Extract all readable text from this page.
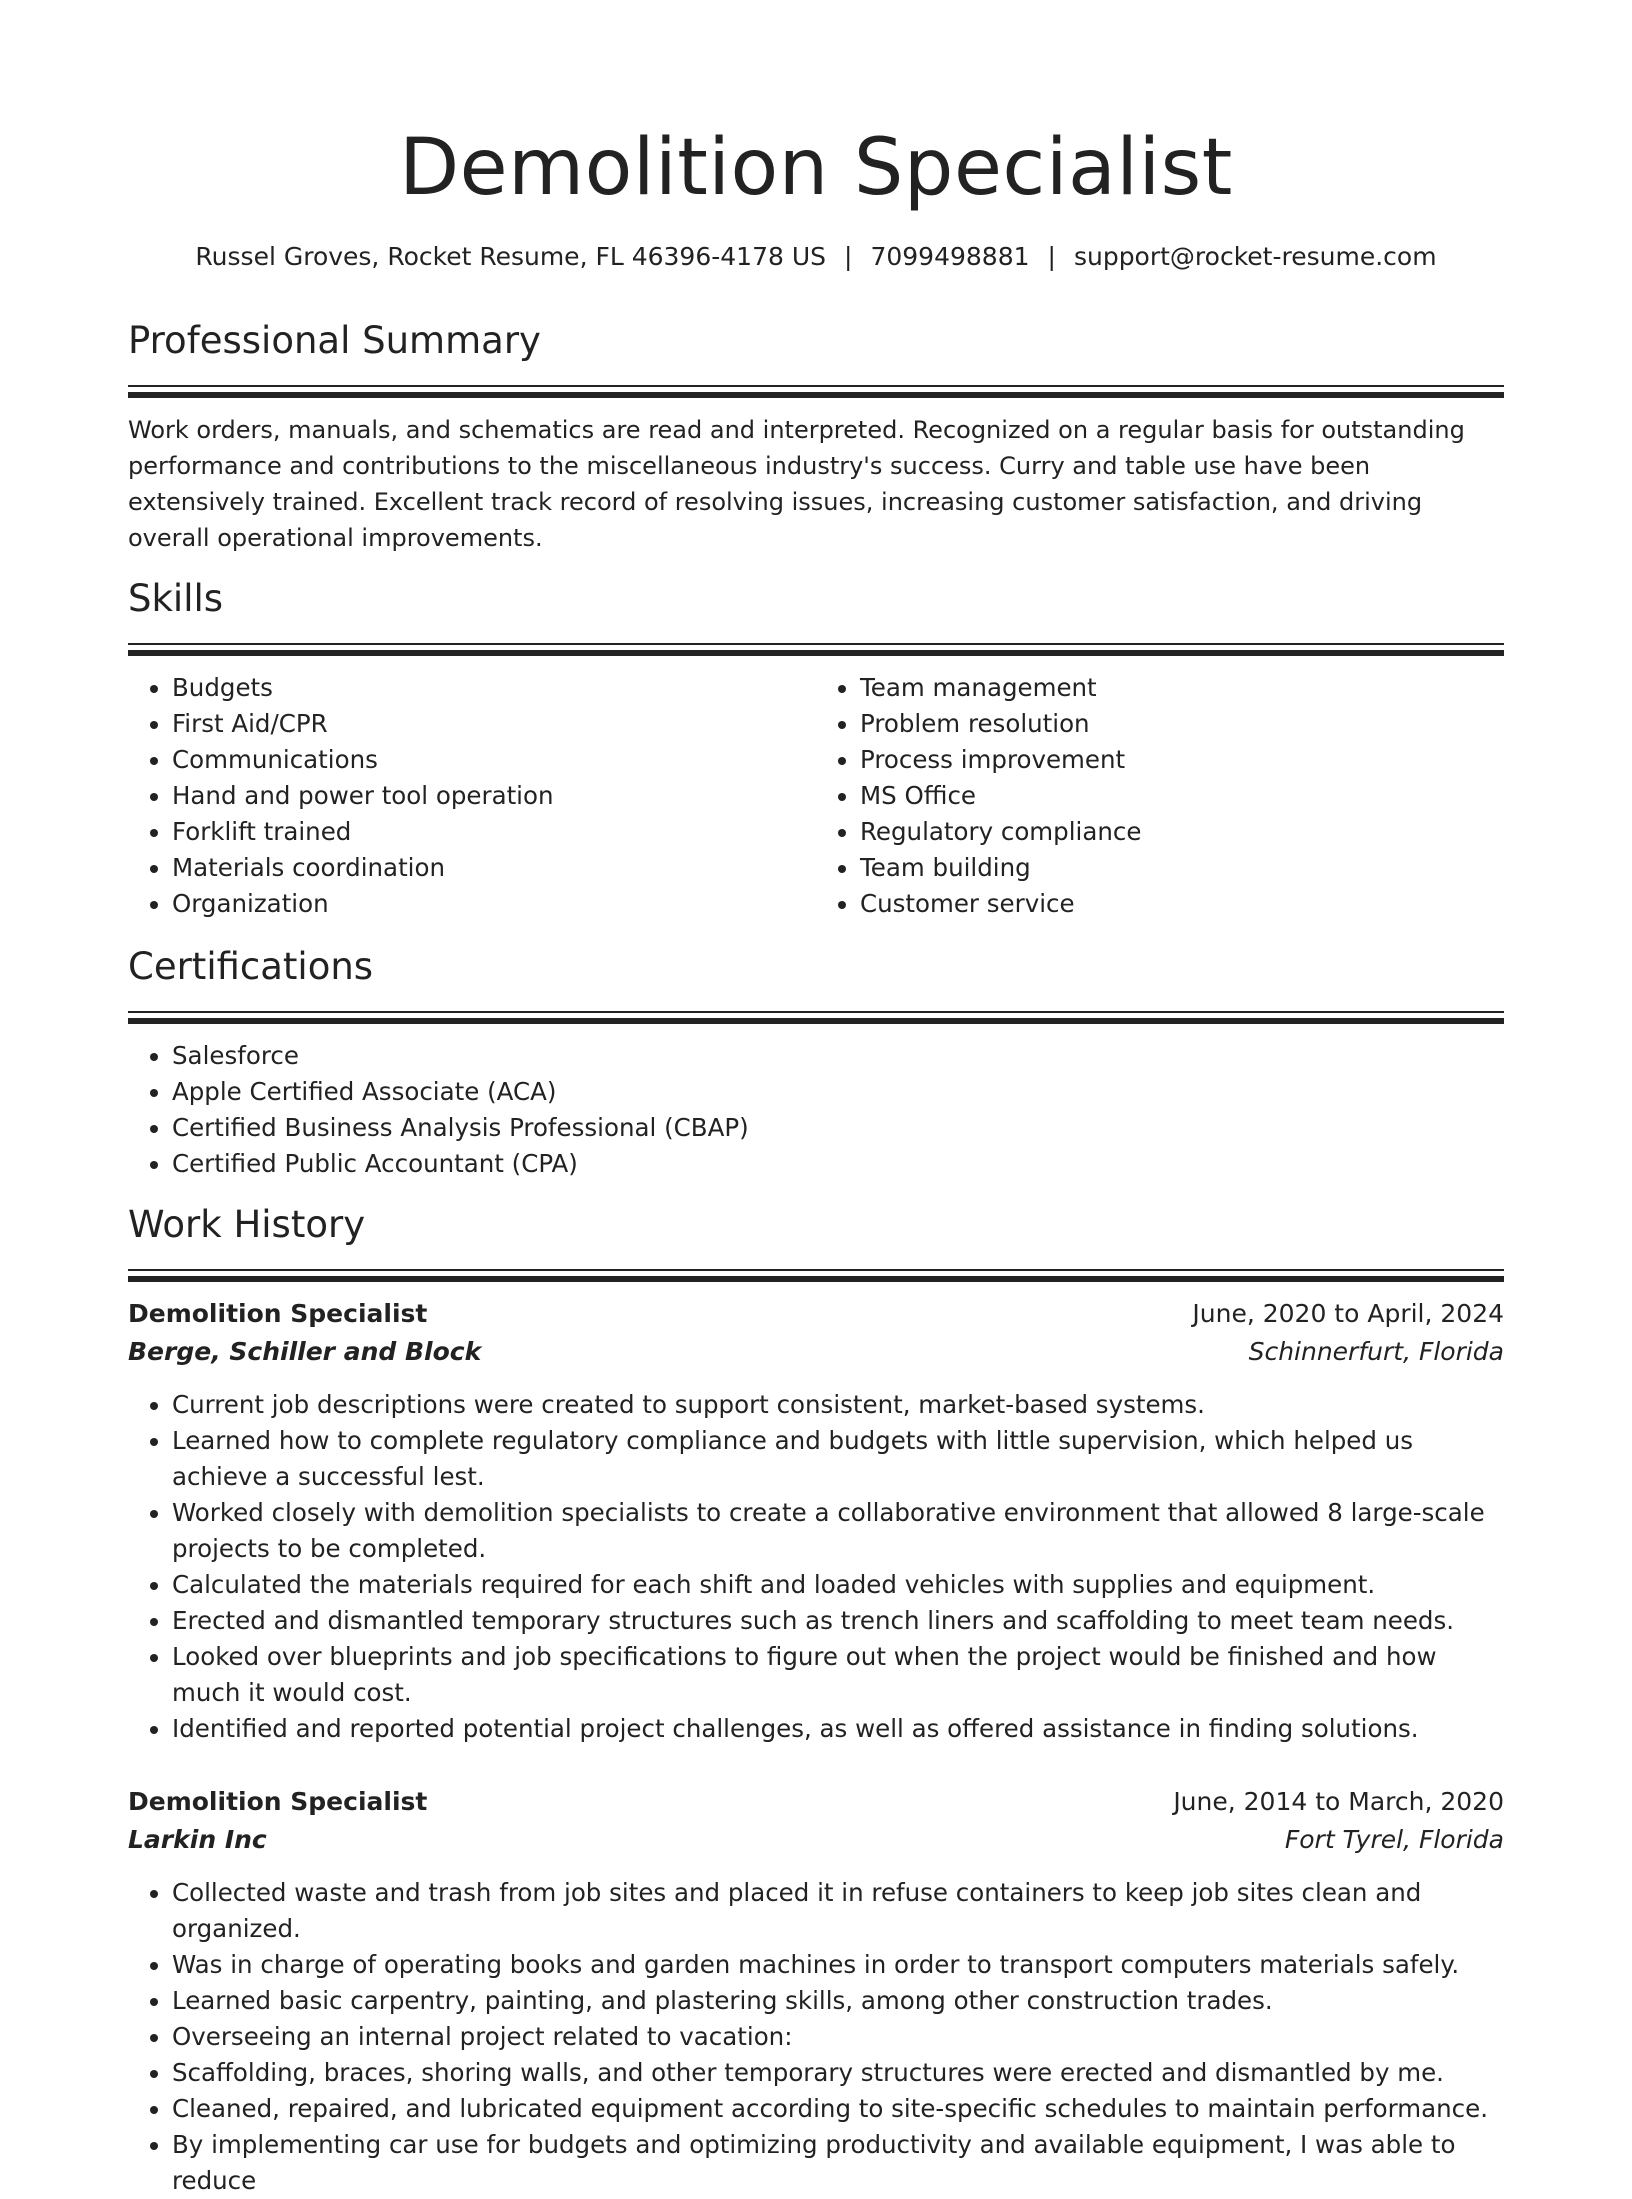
Demolition Specialist
Russel Groves, Rocket Resume, FL 46396-4178 US | 7099498881 | support@rocket-resume.com
Professional Summary
Work orders, manuals, and schematics are read and interpreted. Recognized on a regular basis for outstanding performance and contributions to the miscellaneous industry's success. Curry and table use have been extensively trained. Excellent track record of resolving issues, increasing customer satisfaction, and driving overall operational improvements.
Skills
• Budgets
• First Aid/CPR
• Communications
• Hand and power tool operation
• Forklift trained
• Materials coordination
• Organization
• Team management
• Problem resolution
• Process improvement
• MS Office
• Regulatory compliance
• Team building
• Customer service
Certifications
• Salesforce
• Apple Certified Associate (ACA)
• Certified Business Analysis Professional (CBAP)
• Certified Public Accountant (CPA)
Work History
Demolition Specialist	June, 2020 to April, 2024
Berge, Schiller and Block	Schinnerfurt, Florida
• Current job descriptions were created to support consistent, market-based systems.
• Learned how to complete regulatory compliance and budgets with little supervision, which helped us achieve a successful lest.
• Worked closely with demolition specialists to create a collaborative environment that allowed 8 large-scale projects to be completed.
• Calculated the materials required for each shift and loaded vehicles with supplies and equipment.
• Erected and dismantled temporary structures such as trench liners and scaffolding to meet team needs.
• Looked over blueprints and job specifications to figure out when the project would be finished and how much it would cost.
• Identified and reported potential project challenges, as well as offered assistance in finding solutions.
Demolition Specialist	June, 2014 to March, 2020
Larkin Inc	Fort Tyrel, Florida
• Collected waste and trash from job sites and placed it in refuse containers to keep job sites clean and organized.
• Was in charge of operating books and garden machines in order to transport computers materials safely.
• Learned basic carpentry, painting, and plastering skills, among other construction trades.
• Overseeing an internal project related to vacation:
• Scaffolding, braces, shoring walls, and other temporary structures were erected and dismantled by me.
• Cleaned, repaired, and lubricated equipment according to site-specific schedules to maintain performance.
• By implementing car use for budgets and optimizing productivity and available equipment, I was able to reduce
